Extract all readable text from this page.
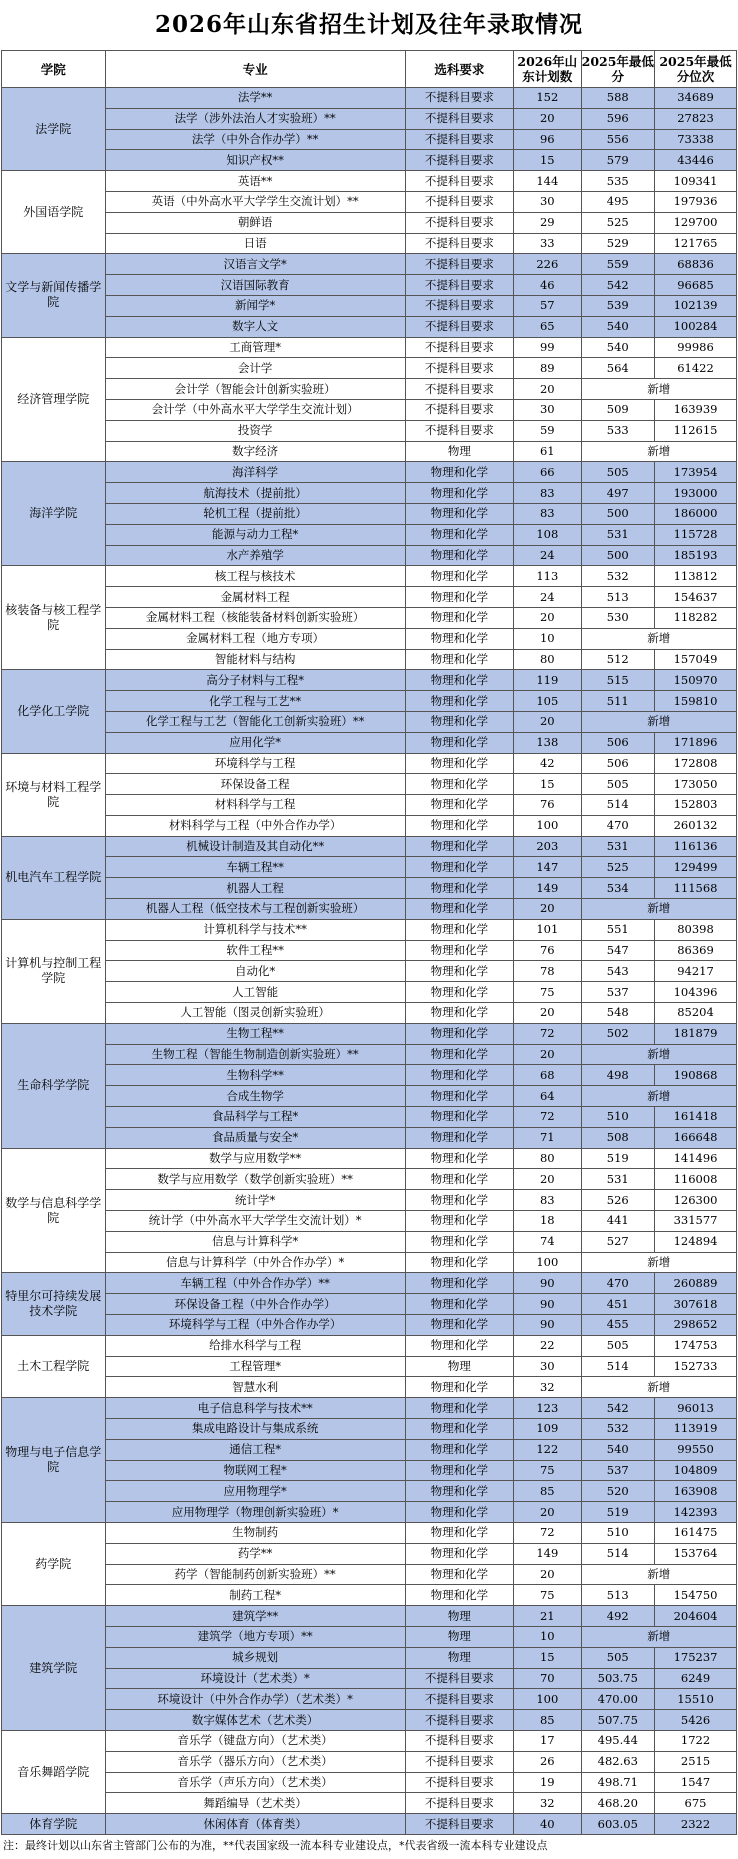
2026年山东省招生计划及往年录取情况
学院	专业	选科要求	2026年山东计划数	2025年最低分	2025年最低分位次
法学院	法学**	不提科目要求	152	588	34689
	法学（涉外法治人才实验班）**	不提科目要求	20	596	27823
	法学（中外合作办学）**	不提科目要求	96	556	73338
	知识产权**	不提科目要求	15	579	43446
外国语学院	英语**	不提科目要求	144	535	109341
	英语（中外高水平大学学生交流计划）**	不提科目要求	30	495	197936
	朝鲜语	不提科目要求	29	525	129700
	日语	不提科目要求	33	529	121765
文学与新闻传播学院	汉语言文学*	不提科目要求	226	559	68836
	汉语国际教育	不提科目要求	46	542	96685
	新闻学*	不提科目要求	57	539	102139
	数字人文	不提科目要求	65	540	100284
经济管理学院	工商管理*	不提科目要求	99	540	99986
	会计学	不提科目要求	89	564	61422
	会计学（智能会计创新实验班）	不提科目要求	20	新增	
	会计学（中外高水平大学学生交流计划）	不提科目要求	30	509	163939
	投资学	不提科目要求	59	533	112615
	数字经济	物理	61	新增	
海洋学院	海洋科学	物理和化学	66	505	173954
	航海技术（提前批）	物理和化学	83	497	193000
	轮机工程（提前批）	物理和化学	83	500	186000
	能源与动力工程*	物理和化学	108	531	115728
	水产养殖学	物理和化学	24	500	185193
核装备与核工程学院	核工程与核技术	物理和化学	113	532	113812
	金属材料工程	物理和化学	24	513	154637
	金属材料工程（核能装备材料创新实验班）	物理和化学	20	530	118282
	金属材料工程（地方专项）	物理和化学	10	新增	
	智能材料与结构	物理和化学	80	512	157049
化学化工学院	高分子材料与工程*	物理和化学	119	515	150970
	化学工程与工艺**	物理和化学	105	511	159810
	化学工程与工艺（智能化工创新实验班）**	物理和化学	20	新增	
	应用化学*	物理和化学	138	506	171896
环境与材料工程学院	环境科学与工程	物理和化学	42	506	172808
	环保设备工程	物理和化学	15	505	173050
	材料科学与工程	物理和化学	76	514	152803
	材料科学与工程（中外合作办学）	物理和化学	100	470	260132
机电汽车工程学院	机械设计制造及其自动化**	物理和化学	203	531	116136
	车辆工程**	物理和化学	147	525	129499
	机器人工程	物理和化学	149	534	111568
	机器人工程（低空技术与工程创新实验班）	物理和化学	20	新增	
计算机与控制工程学院	计算机科学与技术**	物理和化学	101	551	80398
	软件工程**	物理和化学	76	547	86369
	自动化*	物理和化学	78	543	94217
	人工智能	物理和化学	75	537	104396
	人工智能（图灵创新实验班）	物理和化学	20	548	85204
生命科学学院	生物工程**	物理和化学	72	502	181879
	生物工程（智能生物制造创新实验班）**	物理和化学	20	新增	
	生物科学**	物理和化学	68	498	190868
	合成生物学	物理和化学	64	新增	
	食品科学与工程*	物理和化学	72	510	161418
	食品质量与安全*	物理和化学	71	508	166648
数学与信息科学学院	数学与应用数学**	物理和化学	80	519	141496
	数学与应用数学（数学创新实验班）**	物理和化学	20	531	116008
	统计学*	物理和化学	83	526	126300
	统计学（中外高水平大学学生交流计划）*	物理和化学	18	441	331577
	信息与计算科学*	物理和化学	74	527	124894
	信息与计算科学（中外合作办学）*	物理和化学	100	新增	
特里尔可持续发展技术学院	车辆工程（中外合作办学）**	物理和化学	90	470	260889
	环保设备工程（中外合作办学）	物理和化学	90	451	307618
	环境科学与工程（中外合作办学）	物理和化学	90	455	298652
土木工程学院	给排水科学与工程	物理和化学	22	505	174753
	工程管理*	物理	30	514	152733
	智慧水利	物理和化学	32	新增	
物理与电子信息学院	电子信息科学与技术**	物理和化学	123	542	96013
	集成电路设计与集成系统	物理和化学	109	532	113919
	通信工程*	物理和化学	122	540	99550
	物联网工程*	物理和化学	75	537	104809
	应用物理学*	物理和化学	85	520	163908
	应用物理学（物理创新实验班）*	物理和化学	20	519	142393
药学院	生物制药	物理和化学	72	510	161475
	药学**	物理和化学	149	514	153764
	药学（智能制药创新实验班）**	物理和化学	20	新增	
	制药工程*	物理和化学	75	513	154750
建筑学院	建筑学**	物理	21	492	204604
	建筑学（地方专项）**	物理	10	新增	
	城乡规划	物理	15	505	175237
	环境设计（艺术类）*	不提科目要求	70	503.75	6249
	环境设计（中外合作办学）（艺术类）*	不提科目要求	100	470.00	15510
	数字媒体艺术（艺术类）	不提科目要求	85	507.75	5426
音乐舞蹈学院	音乐学（键盘方向）（艺术类）	不提科目要求	17	495.44	1722
	音乐学（器乐方向）（艺术类）	不提科目要求	26	482.63	2515
	音乐学（声乐方向）（艺术类）	不提科目要求	19	498.71	1547
	舞蹈编导（艺术类）	不提科目要求	32	468.20	675
体育学院	休闲体育（体育类）	不提科目要求	40	603.05	2322
注：最终计划以山东省主管部门公布的为准，**代表国家级一流本科专业建设点，*代表省级一流本科专业建设点
